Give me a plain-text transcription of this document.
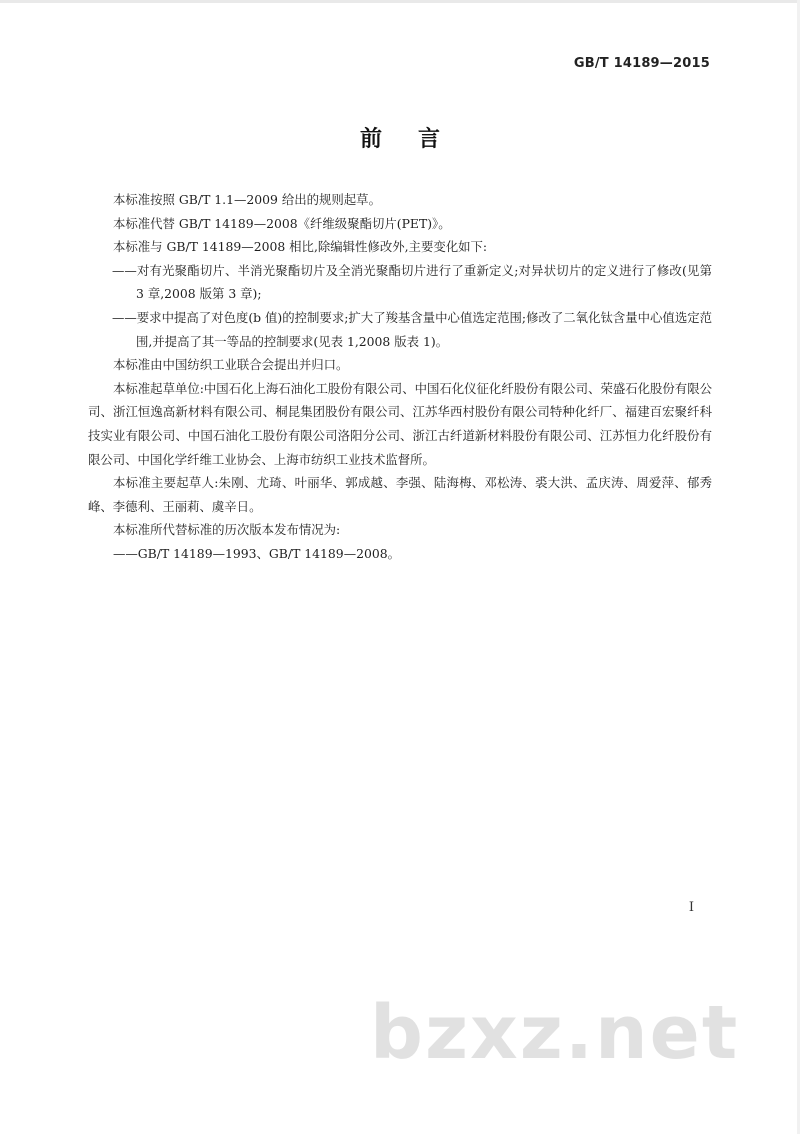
GB/T 14189—2015
前言

本标准按照 GB/T 1.1—2009 给出的规则起草。

本标准代替 GB/T 14189—2008《纤维级聚酯切片(PET)》。

本标准与 GB/T 14189—2008 相比,除编辑性修改外,主要变化如下:

——对有光聚酯切片、半消光聚酯切片及全消光聚酯切片进行了重新定义;对异状切片的定义进行了修改(见第 3 章,2008 版第 3 章);

——要求中提高了对色度(b 值)的控制要求;扩大了羧基含量中心值选定范围;修改了二氧化钛含量中心值选定范围,并提高了其一等品的控制要求(见表 1,2008 版表 1)。

本标准由中国纺织工业联合会提出并归口。

本标准起草单位:中国石化上海石油化工股份有限公司、中国石化仪征化纤股份有限公司、荣盛石化股份有限公司、浙江恒逸高新材料有限公司、桐昆集团股份有限公司、江苏华西村股份有限公司特种化纤厂、福建百宏聚纤科技实业有限公司、中国石油化工股份有限公司洛阳分公司、浙江古纤道新材料股份有限公司、江苏恒力化纤股份有限公司、中国化学纤维工业协会、上海市纺织工业技术监督所。

本标准主要起草人:朱刚、尤琦、叶丽华、郭成越、李强、陆海梅、邓松涛、裘大洪、孟庆涛、周爱萍、郁秀峰、李德利、王丽莉、虞辛日。

本标准所代替标准的历次版本发布情况为:

——GB/T 14189—1993、GB/T 14189—2008。

I
bzxz.net
